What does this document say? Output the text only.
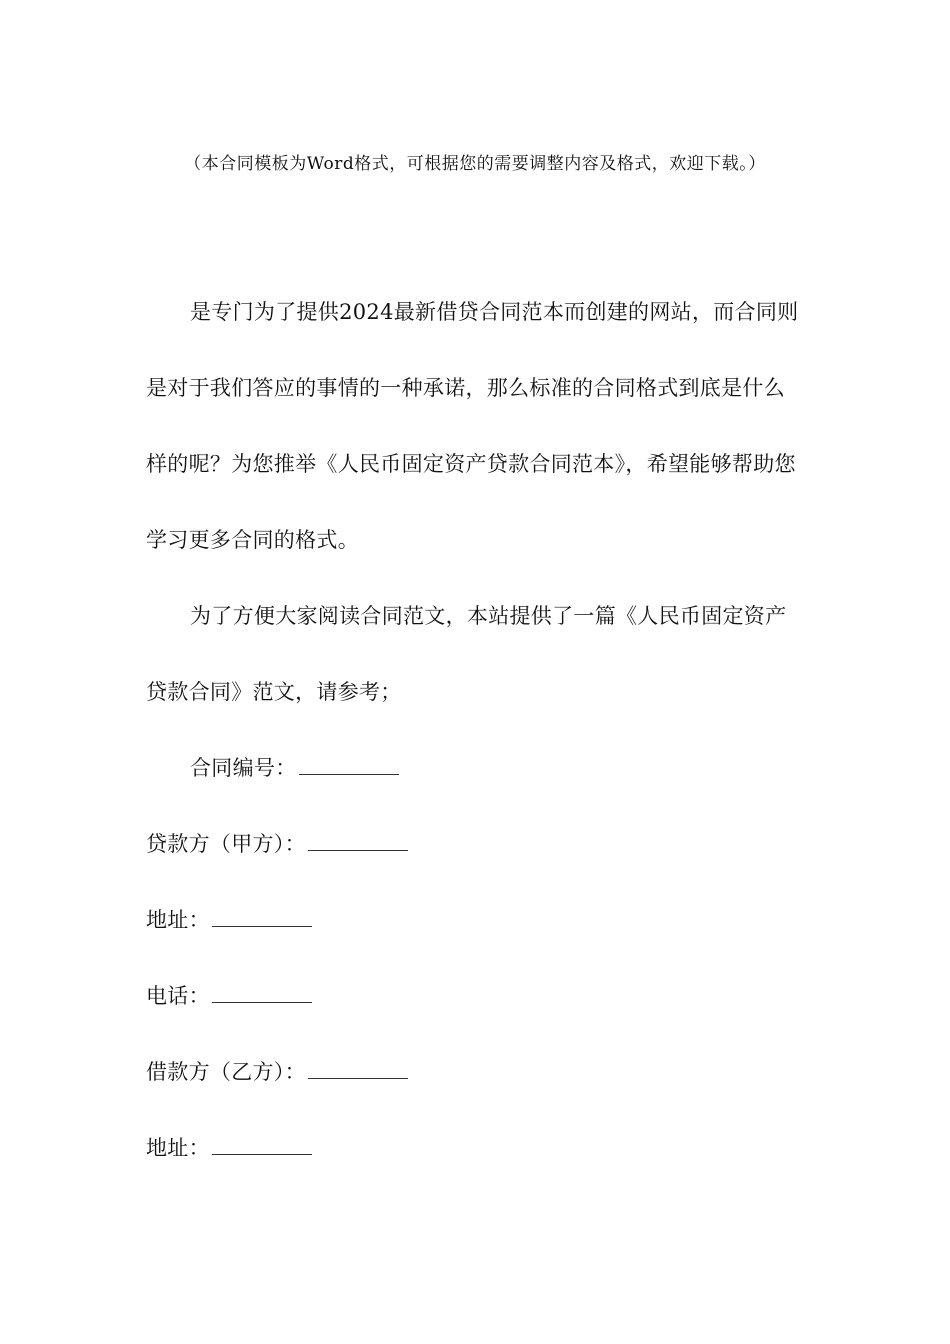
（本合同模板为Word格式，可根据您的需要调整内容及格式，欢迎下载。）

是专门为了提供2024最新借贷合同范本而创建的网站，而合同则是对于我们答应的事情的一种承诺，那么标准的合同格式到底是什么样的呢？为您推举《人民币固定资产贷款合同范本》，希望能够帮助您学习更多合同的格式。

为了方便大家阅读合同范文，本站提供了一篇《人民币固定资产贷款合同》范文，请参考；

合同编号：

贷款方（甲方）：

地址：

电话：

借款方（乙方）：

地址：
